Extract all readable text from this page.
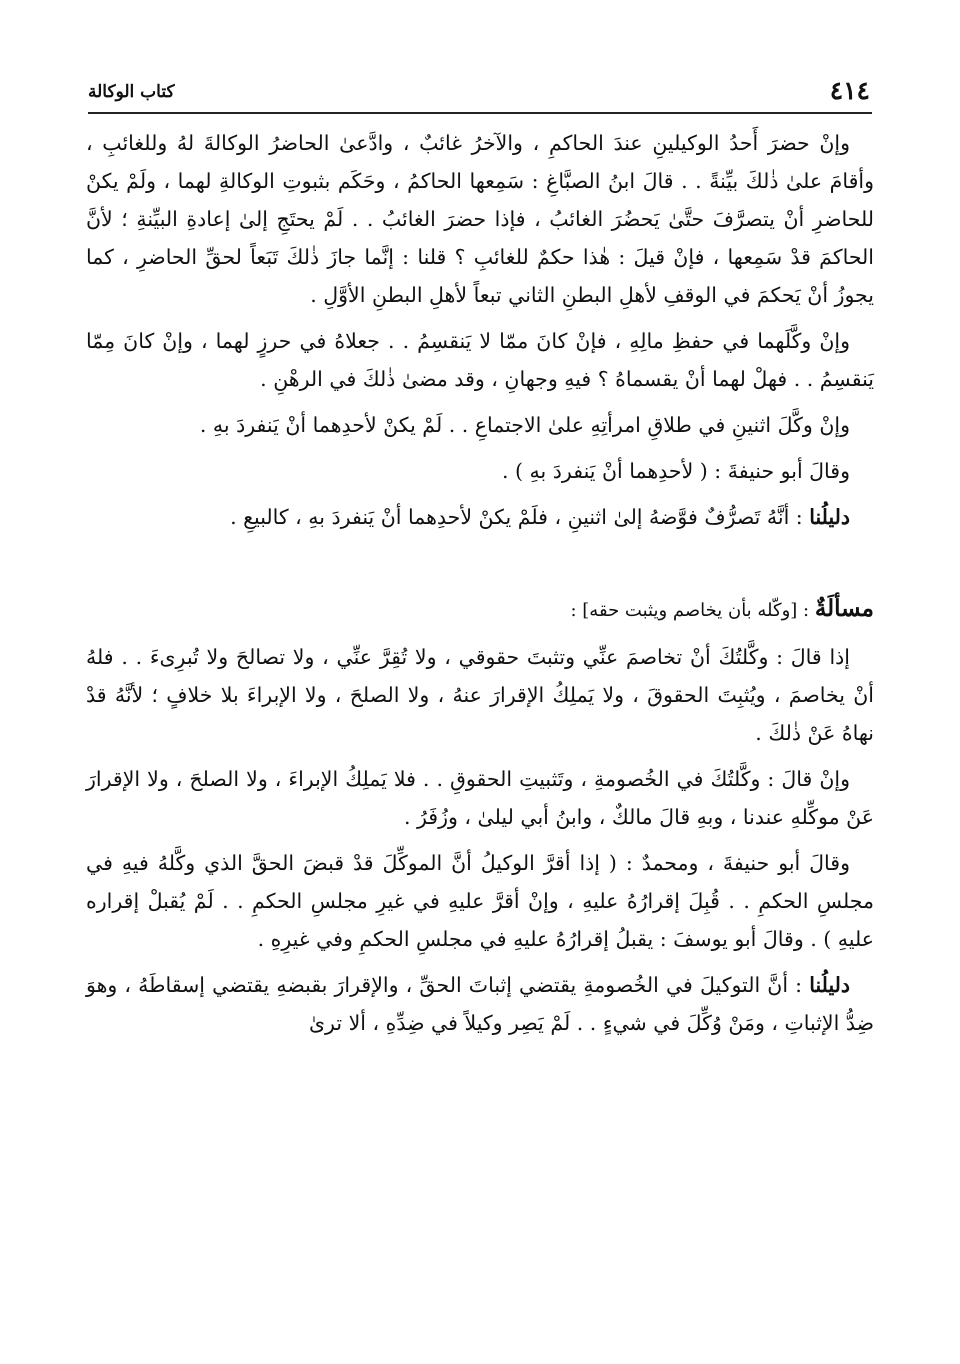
٤١٤
كتاب الوكالة

وإنْ حضرَ أَحدُ الوكيلينِ عندَ الحاكمِ ، والآخرُ غائبٌ ، وادَّعىٰ الحاضرُ الوكالةَ لهُ وللغائبِ ، وأقامَ علىٰ ذٰلكَ بيِّنةً . . قالَ ابنُ الصبَّاغِ : سَمِعها الحاكمُ ، وحَكَم بثبوتِ الوكالةِ لهما ، ولَمْ يكنْ للحاضرِ أنْ يتصرَّفَ حتَّىٰ يَحضُرَ الغائبُ ، فإذا حضرَ الغائبُ . . لَمْ يحتَجِ إلىٰ إعادةِ البيِّنةِ ؛ لأنَّ الحاكمَ قدْ سَمِعها ، فإنْ قيلَ : هٰذا حكمٌ للغائبِ ؟ قلنا : إنَّما جازَ ذٰلكَ تَبَعاً لحقِّ الحاضرِ ، كما يجوزُ أنْ يَحكمَ في الوقفِ لأهلِ البطنِ الثاني تبعاً لأهلِ البطنِ الأوَّلِ .

وإنْ وكَّلَهما في حفظِ مالِهِ ، فإنْ كانَ ممّا لا يَنقسِمُ . . جعلاهُ في حرزٍ لهما ، وإنْ كانَ مِمّا يَنقسِمُ . . فهلْ لهما أنْ يقسماهُ ؟ فيهِ وجهانِ ، وقد مضىٰ ذٰلكَ في الرهْنِ .

وإنْ وكَّلَ اثنينِ في طلاقِ امرأتِهِ علىٰ الاجتماعِ . . لَمْ يكنْ لأحدِهما أنْ يَنفردَ بهِ .

وقالَ أبو حنيفةَ : ( لأحدِهما أنْ يَنفردَ بهِ ) .

دليلُنا : أنَّهُ تَصرُّفٌ فوَّضهُ إلىٰ اثنينِ ، فلَمْ يكنْ لأحدِهما أنْ يَنفردَ بهِ ، كالبيعِ .

مسألَةٌ : [وكّله بأن يخاصم ويثبت حقه] :

إذا قالَ : وكَّلتُكَ أنْ تخاصمَ عنِّي وتثبتَ حقوقي ، ولا تُقِرَّ عنِّي ، ولا تصالحَ ولا تُبرِىءَ . . فلهُ أنْ يخاصمَ ، ويُثبِتَ الحقوقَ ، ولا يَملِكُ الإقرارَ عنهُ ، ولا الصلحَ ، ولا الإبراءَ بلا خلافٍ ؛ لأنَّهُ قدْ نهاهُ عَنْ ذٰلكَ .

وإنْ قالَ : وكَّلتُكَ في الخُصومةِ ، وتَثبيتِ الحقوقِ . . فلا يَملِكُ الإبراءَ ، ولا الصلحَ ، ولا الإقرارَ عَنْ موكِّلهِ عندنا ، وبهِ قالَ مالكٌ ، وابنُ أبي ليلىٰ ، وزُفَرُ .

وقالَ أبو حنيفةَ ، ومحمدٌ : ( إذا أقرَّ الوكيلُ أنَّ الموكِّلَ قدْ قبضَ الحقَّ الذي وكَّلهُ فيهِ في مجلسِ الحكمِ . . قُبِلَ إقرارُهُ عليهِ ، وإنْ أقرَّ عليهِ في غيرِ مجلسِ الحكمِ . . لَمْ يُقبلْ إقراره عليهِ ) . وقالَ أبو يوسفَ : يقبلُ إقرارُهُ عليهِ في مجلسِ الحكمِ وفي غيرِهِ .

دليلُنا : أنَّ التوكيلَ في الخُصومةِ يقتضي إثباتَ الحقِّ ، والإقرارَ بقبضهِ يقتضي إسقاطَهُ ، وهوَ ضِدُّ الإثباتِ ، ومَنْ وُكِّلَ في شيءٍ . . لَمْ يَصِر وكيلاً في ضِدِّهِ ، ألا ترىٰ
